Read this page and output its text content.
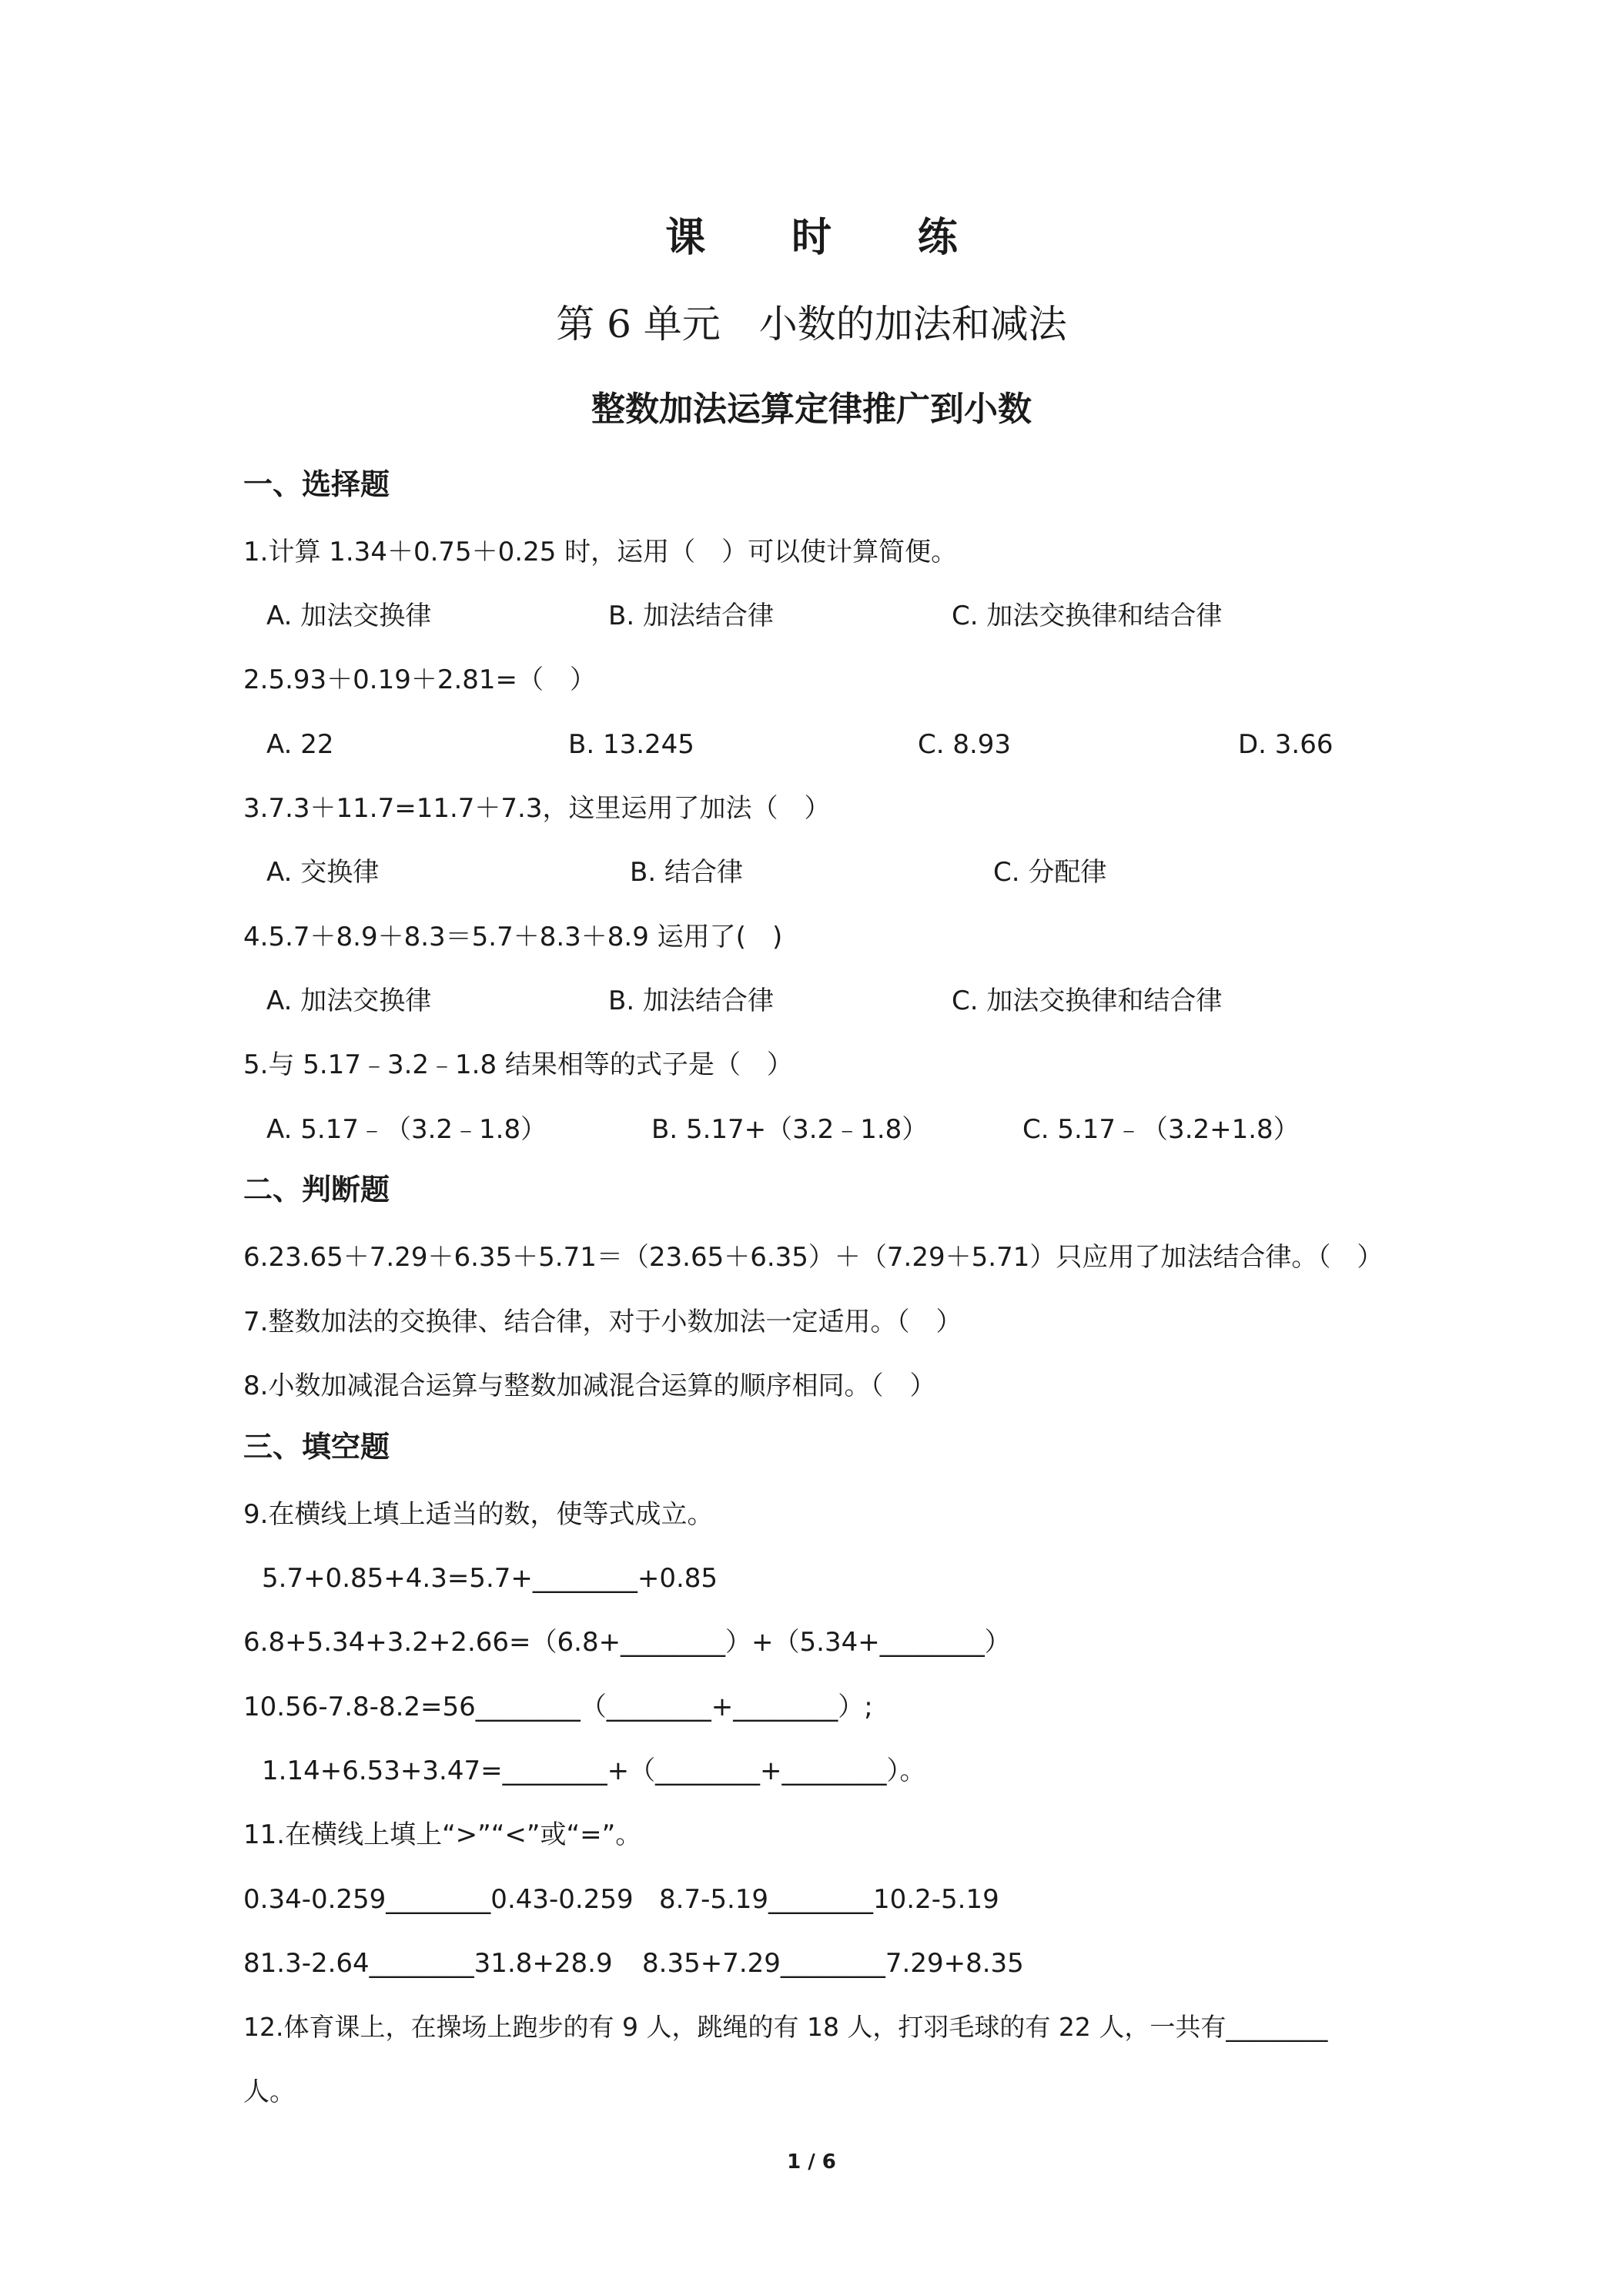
课 时 练
第 6 单元　小数的加法和减法
整数加法运算定律推广到小数
一、选择题
1.计算 1.34＋0.75＋0.25 时，运用（　）可以使计算简便。
A. 加法交换律	B. 加法结合律	C. 加法交换律和结合律
2.5.93＋0.19＋2.81=（　）
A. 22	B. 13.245	C. 8.93	D. 3.66
3.7.3＋11.7=11.7＋7.3，这里运用了加法（　）
A. 交换律	B. 结合律	C. 分配律
4.5.7＋8.9＋8.3＝5.7＋8.3＋8.9 运用了(　)
A. 加法交换律	B. 加法结合律	C. 加法交换律和结合律
5.与 5.17﹣3.2﹣1.8 结果相等的式子是（　）
A. 5.17﹣（3.2﹣1.8）	B. 5.17+（3.2﹣1.8）	C. 5.17﹣（3.2+1.8）
二、判断题
6.23.65＋7.29＋6.35＋5.71＝（23.65＋6.35）＋（7.29＋5.71）只应用了加法结合律。（　）
7.整数加法的交换律、结合律，对于小数加法一定适用。（　）
8.小数加减混合运算与整数加减混合运算的顺序相同。（　）
三、填空题
9.在横线上填上适当的数，使等式成立。
5.7+0.85+4.3=5.7+________+0.85
6.8+5.34+3.2+2.66=（6.8+________）+（5.34+________）
10.56-7.8-8.2=56________（________+________）;
1.14+6.53+3.47=________+（________+________）。
11.在横线上填上“>”“<”或“=”。
0.34-0.259________0.43-0.259 8.7-5.19________10.2-5.19
81.3-2.64________31.8+28.9 8.35+7.29________7.29+8.35
12.体育课上，在操场上跑步的有 9 人，跳绳的有 18 人，打羽毛球的有 22 人，一共有________
人。
1 / 6
